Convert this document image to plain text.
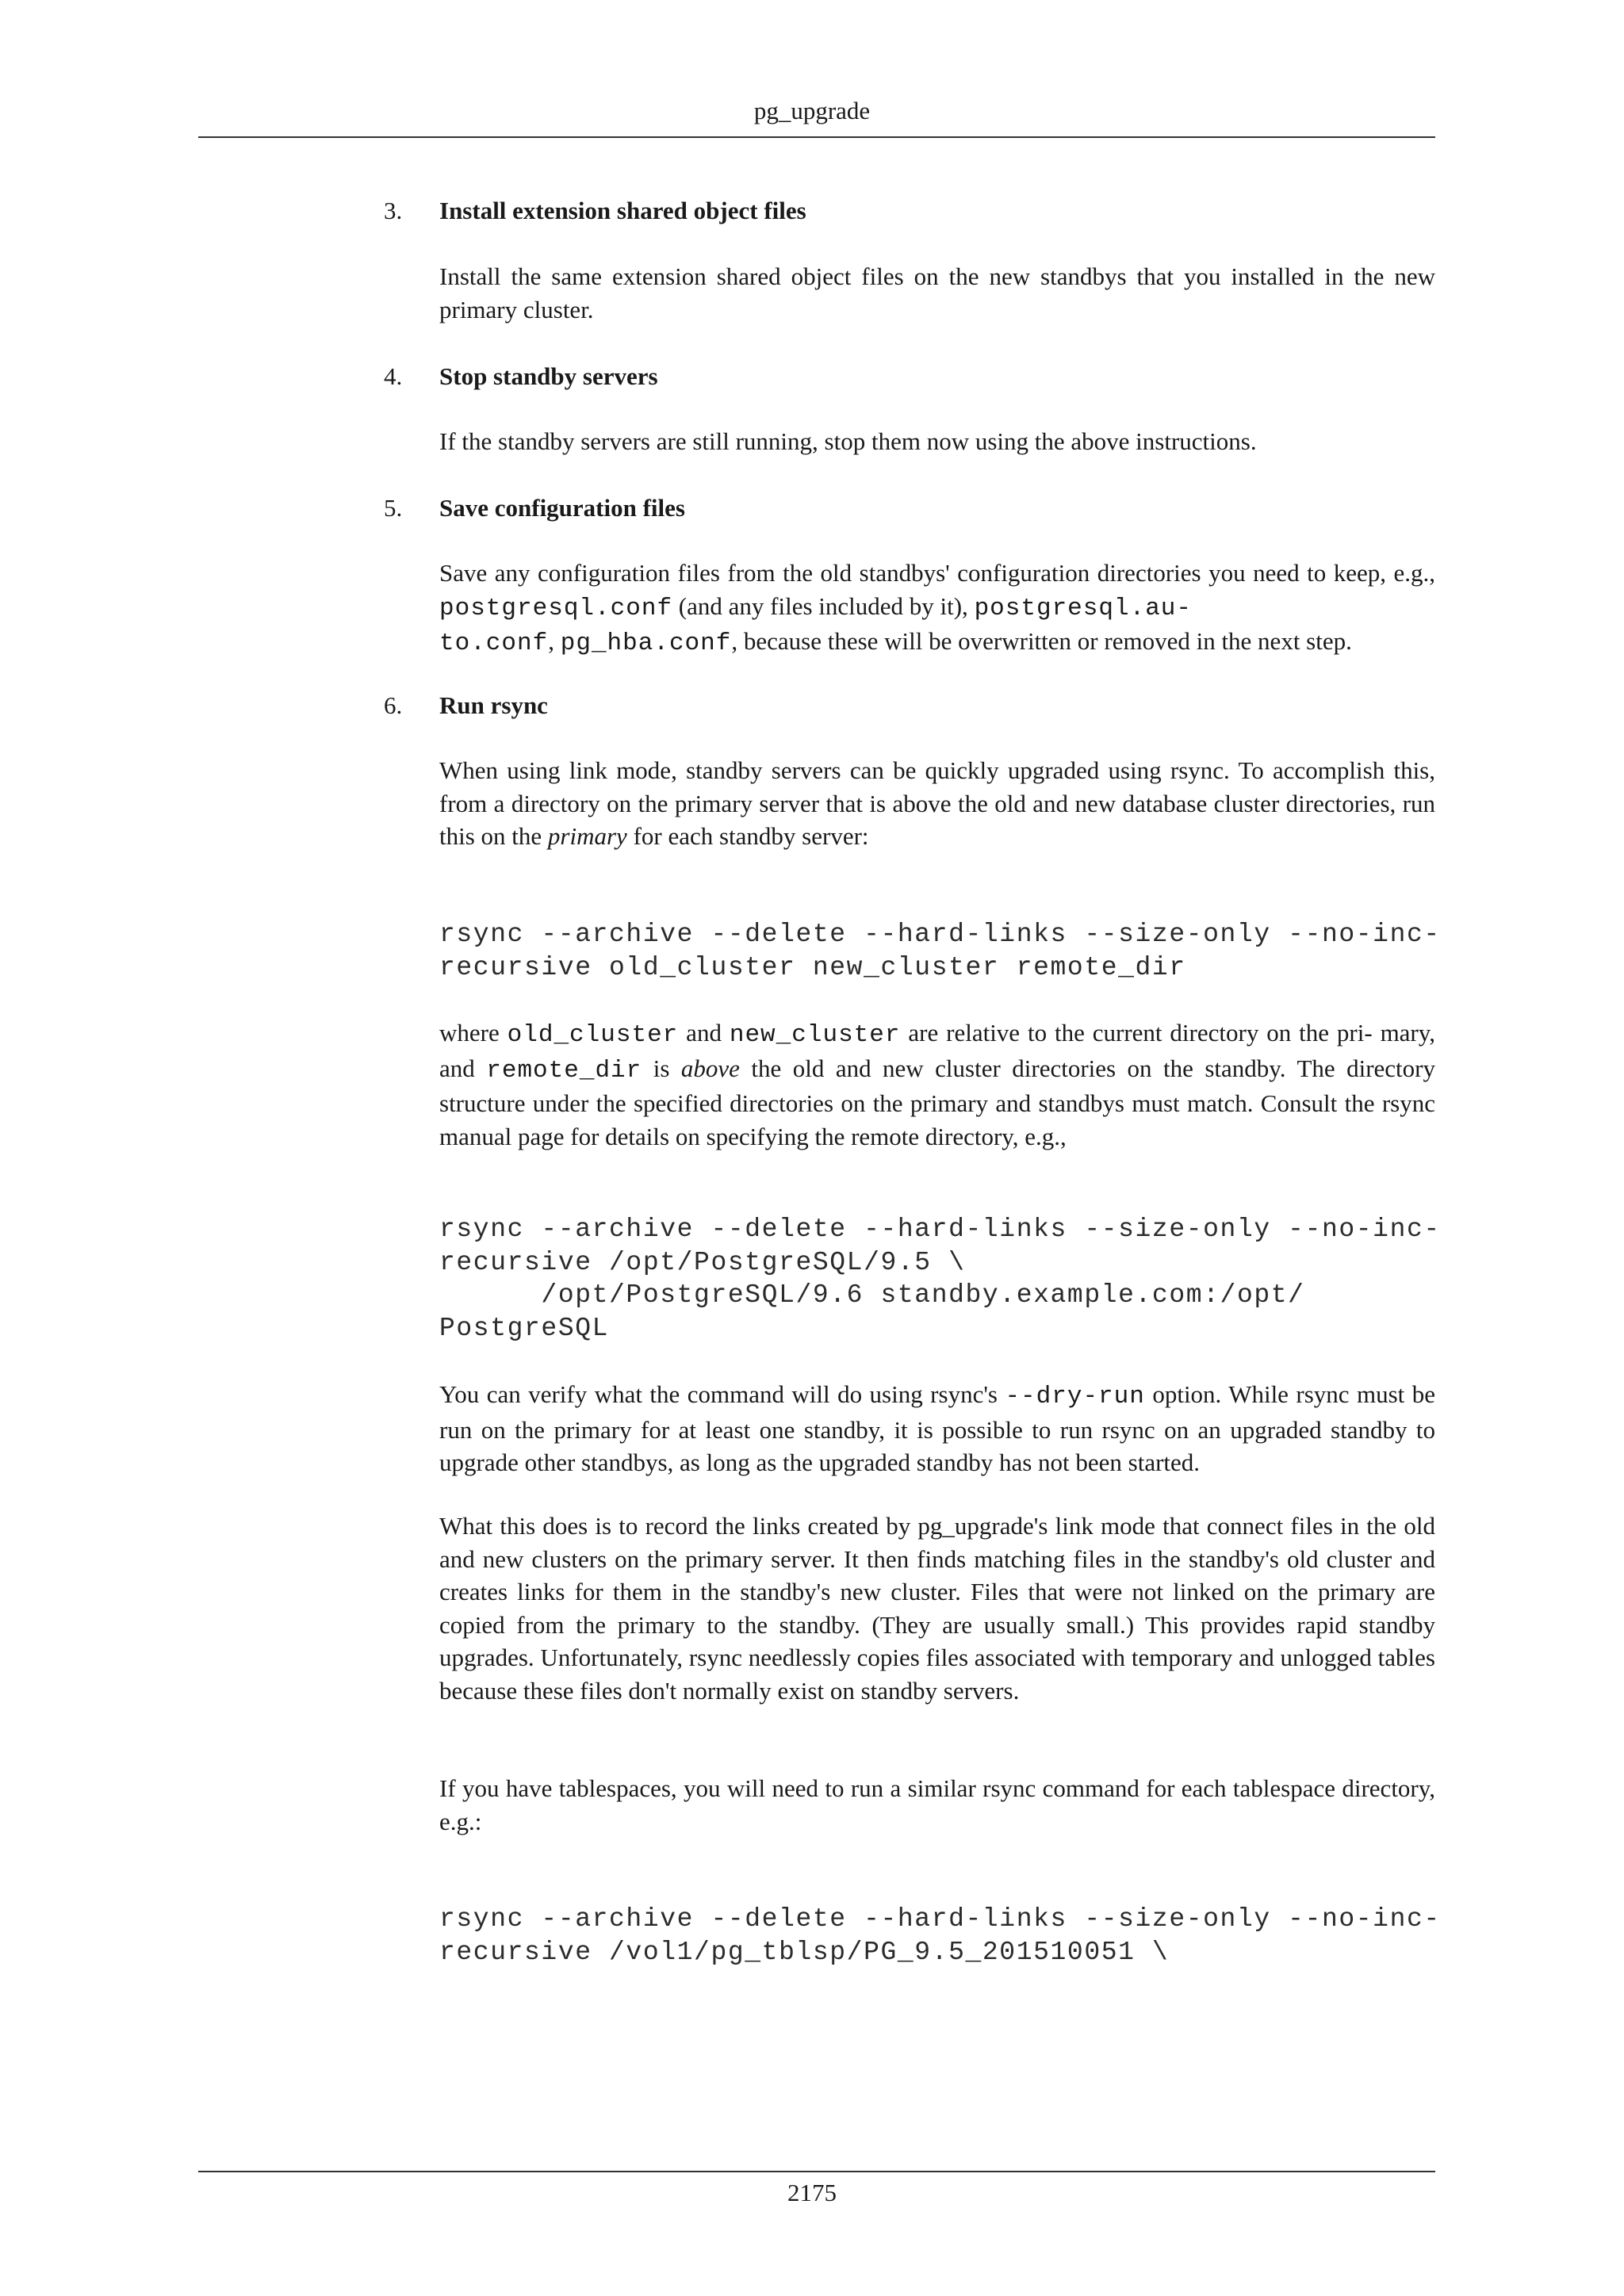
pg_upgrade
3. Install extension shared object files

Install the same extension shared object files on the new standbys that you installed in the new primary cluster.

4. Stop standby servers

If the standby servers are still running, stop them now using the above instructions.

5. Save configuration files

Save any configuration files from the old standbys' configuration directories you need to keep, e.g., postgresql.conf (and any files included by it), postgresql.au-
to.conf, pg_hba.conf, because these will be overwritten or removed in the next step.

6. Run rsync

When using link mode, standby servers can be quickly upgraded using rsync. To accomplish this, from a directory on the primary server that is above the old and new database cluster directories, run this on the primary for each standby server:

rsync --archive --delete --hard-links --size-only --no-inc-
recursive old_cluster new_cluster remote_dir

where old_cluster and new_cluster are relative to the current directory on the pri- mary, and remote_dir is above the old and new cluster directories on the standby. The directory structure under the specified directories on the primary and standbys must match. Consult the rsync manual page for details on specifying the remote directory, e.g.,

rsync --archive --delete --hard-links --size-only --no-inc-
recursive /opt/PostgreSQL/9.5 \
/opt/PostgreSQL/9.6 standby.example.com:/opt/
PostgreSQL

You can verify what the command will do using rsync's --dry-run option. While rsync must be run on the primary for at least one standby, it is possible to run rsync on an upgraded standby to upgrade other standbys, as long as the upgraded standby has not been started.

What this does is to record the links created by pg_upgrade's link mode that connect files in the old and new clusters on the primary server. It then finds matching files in the standby's old cluster and creates links for them in the standby's new cluster. Files that were not linked on the primary are copied from the primary to the standby. (They are usually small.) This provides rapid standby upgrades. Unfortunately, rsync needlessly copies files associated with temporary and unlogged tables because these files don't normally exist on standby servers.

If you have tablespaces, you will need to run a similar rsync command for each tablespace directory, e.g.:

rsync --archive --delete --hard-links --size-only --no-inc-
recursive /vol1/pg_tblsp/PG_9.5_201510051 \
2175
